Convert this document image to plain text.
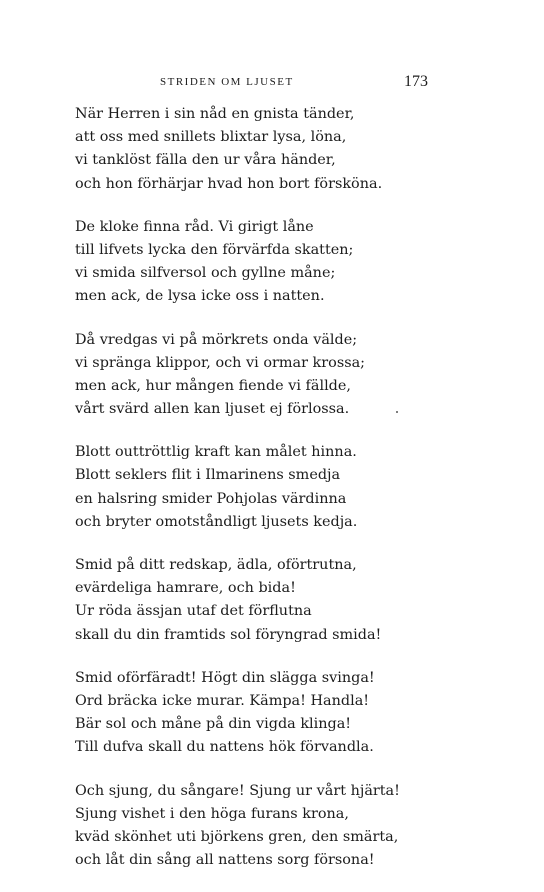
STRIDEN OM LJUSET	173
När Herren i sin nåd en gnista tänder,
att oss med snillets blixtar lysa, löna,
vi tanklöst fälla den ur våra händer,
och hon förhärjar hvad hon bort försköna.
De kloke finna råd. Vi girigt låne
till lifvets lycka den förvärfda skatten;
vi smida silfversol och gyllne måne;
men ack, de lysa icke oss i natten.
Då vredgas vi på mörkrets onda välde;
vi spränga klippor, och vi ormar krossa;
men ack, hur mången fiende vi fällde,
vårt svärd allen kan ljuset ej förlossa.
Blott outtröttlig kraft kan målet hinna.
Blott seklers flit i Ilmarinens smedja
en halsring smider Pohjolas värdinna
och bryter omotståndligt ljusets kedja.
Smid på ditt redskap, ädla, oförtrutna,
evärdeliga hamrare, och bida!
Ur röda ässjan utaf det förflutna
skall du din framtids sol föryngrad smida!
Smid oförfäradt! Högt din slägga svinga!
Ord bräcka icke murar. Kämpa! Handla!
Bär sol och måne på din vigda klinga!
Till dufva skall du nattens hök förvandla.
Och sjung, du sångare! Sjung ur vårt hjärta!
Sjung vishet i den höga furans krona,
kväd skönhet uti björkens gren, den smärta,
och låt din sång all nattens sorg försona!
